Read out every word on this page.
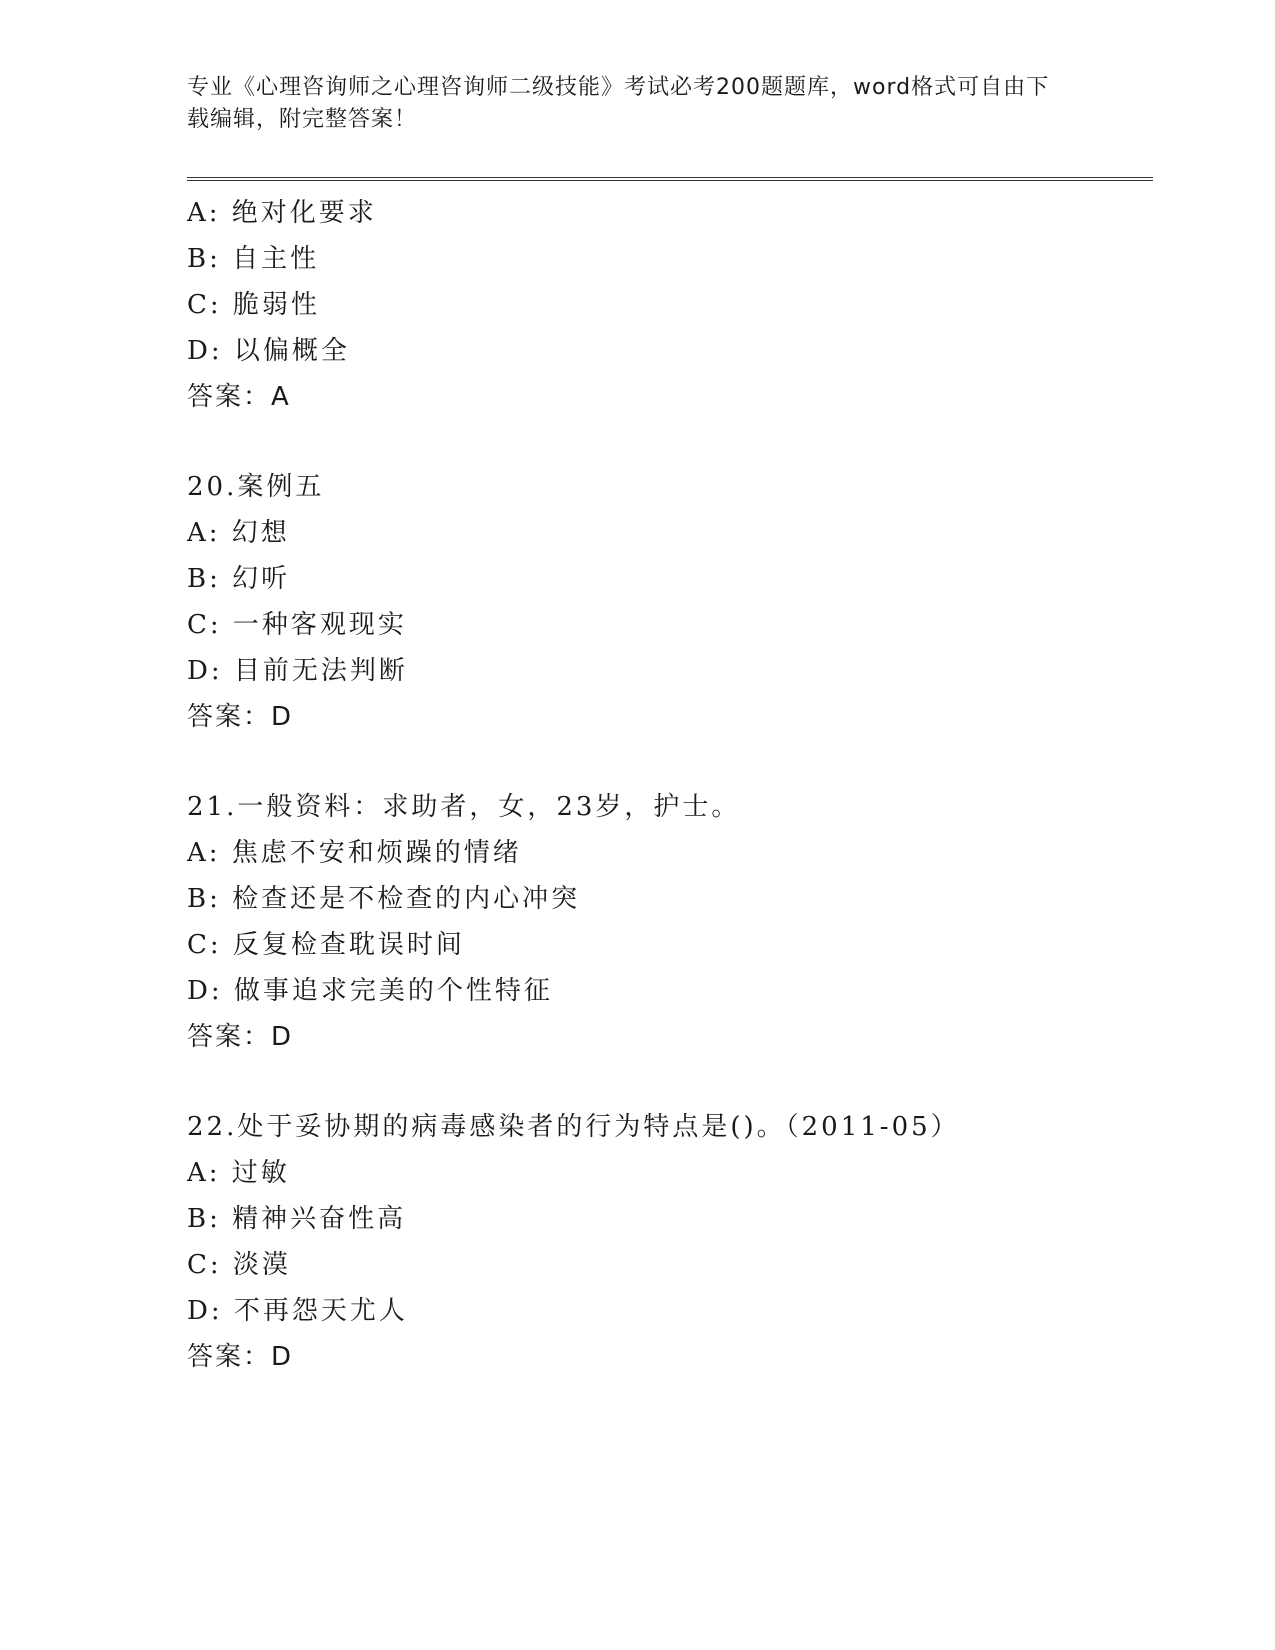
专业《心理咨询师之心理咨询师二级技能》考试必考200题题库，word格式可自由下载编辑，附完整答案！
A: 绝对化要求
B: 自主性
C: 脆弱性
D: 以偏概全
答案：A
20.案例五
A: 幻想
B: 幻听
C: 一种客观现实
D: 目前无法判断
答案：D
21.一般资料：求助者，女，23岁，护士。
A: 焦虑不安和烦躁的情绪
B: 检查还是不检查的内心冲突
C: 反复检查耽误时间
D: 做事追求完美的个性特征
答案：D
22.处于妥协期的病毒感染者的行为特点是()。（2011-05）
A: 过敏
B: 精神兴奋性高
C: 淡漠
D: 不再怨天尤人
答案：D
